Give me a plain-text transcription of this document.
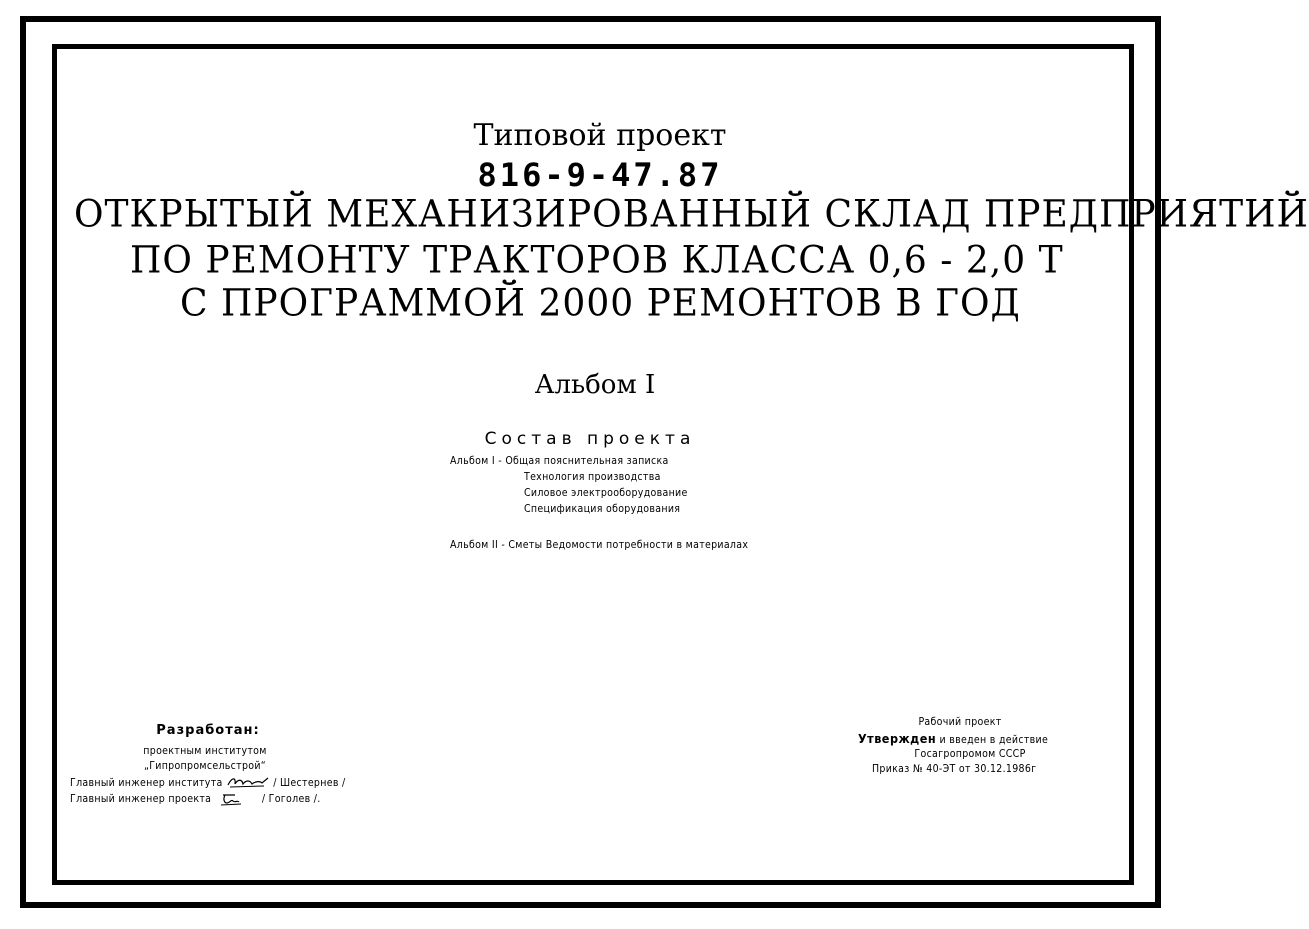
Типовой проект
816-9-47.87
ОТКРЫТЫЙ МЕХАНИЗИРОВАННЫЙ СКЛАД ПРЕДПРИЯТИЙ
ПО РЕМОНТУ ТРАКТОРОВ КЛАССА 0,6 - 2,0 Т
С ПРОГРАММОЙ 2000 РЕМОНТОВ В ГОД
Альбом I
Состав проекта
Альбом I - Общая пояснительная записка
Технология производства
Силовое электрооборудование
Спецификация оборудования
Альбом II - Сметы Ведомости потребности в материалах
Разработан:
проектным институтом
„Гипропромсельстрой“
Главный инженер института	/ Шестернев /
Главный инженер проекта	/ Гоголев /.
Рабочий проект
Утвержден и введен в действие
Госагропромом СССР
Приказ № 40-ЭТ от 30.12.1986г
